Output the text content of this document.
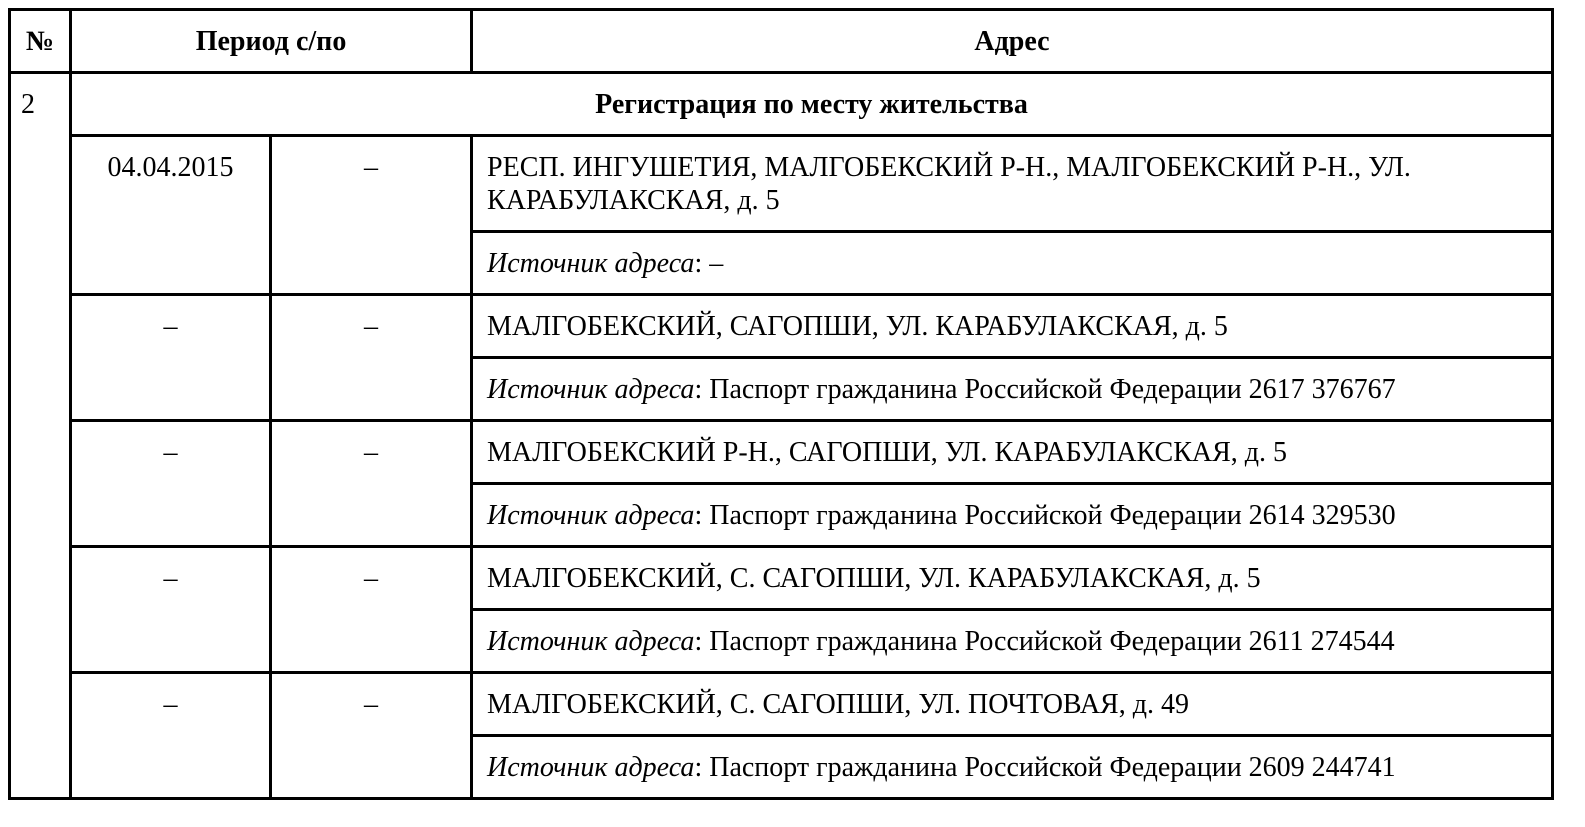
№	Период с/по		Адрес
2	Регистрация по месту жительства		
	04.04.2015	–	РЕСП. ИНГУШЕТИЯ, МАЛГОБЕКСКИЙ Р-Н., МАЛГОБЕКСКИЙ Р-Н., УЛ. КАРАБУЛАКСКАЯ, д. 5
			Источник адреса: –
	–	–	МАЛГОБЕКСКИЙ, САГОПШИ, УЛ. КАРАБУЛАКСКАЯ, д. 5
			Источник адреса: Паспорт гражданина Российской Федерации 2617 376767
	–	–	МАЛГОБЕКСКИЙ Р-Н., САГОПШИ, УЛ. КАРАБУЛАКСКАЯ, д. 5
			Источник адреса: Паспорт гражданина Российской Федерации 2614 329530
	–	–	МАЛГОБЕКСКИЙ, С. САГОПШИ, УЛ. КАРАБУЛАКСКАЯ, д. 5
			Источник адреса: Паспорт гражданина Российской Федерации 2611 274544
	–	–	МАЛГОБЕКСКИЙ, С. САГОПШИ, УЛ. ПОЧТОВАЯ, д. 49
			Источник адреса: Паспорт гражданина Российской Федерации 2609 244741
